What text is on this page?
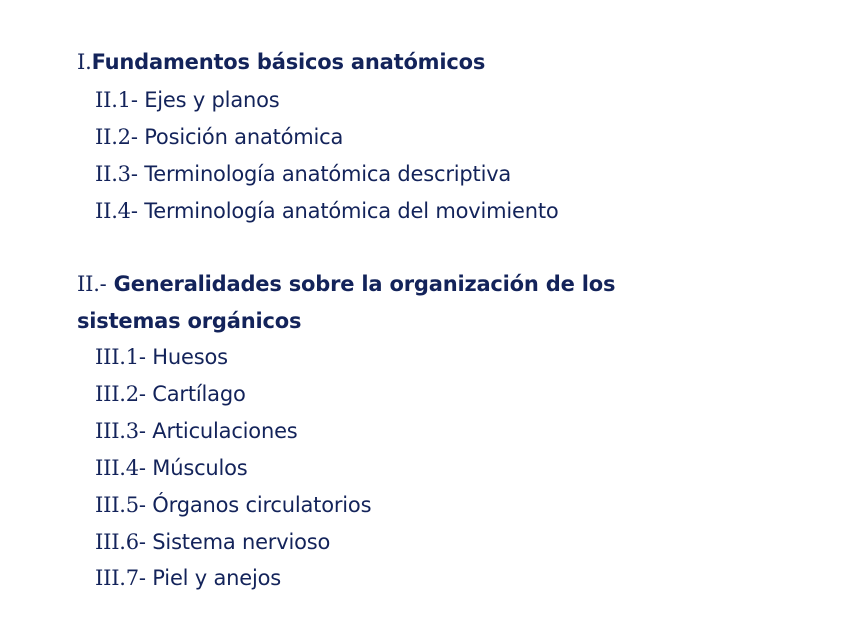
I.Fundamentos básicos anatómicos
II.1- Ejes y planos
II.2- Posición anatómica
II.3- Terminología anatómica descriptiva
II.4- Terminología anatómica del movimiento
II.- Generalidades sobre la organización de los
sistemas orgánicos
III.1- Huesos
III.2- Cartílago
III.3- Articulaciones
III.4- Músculos
III.5- Órganos circulatorios
III.6- Sistema nervioso
III.7- Piel y anejos
